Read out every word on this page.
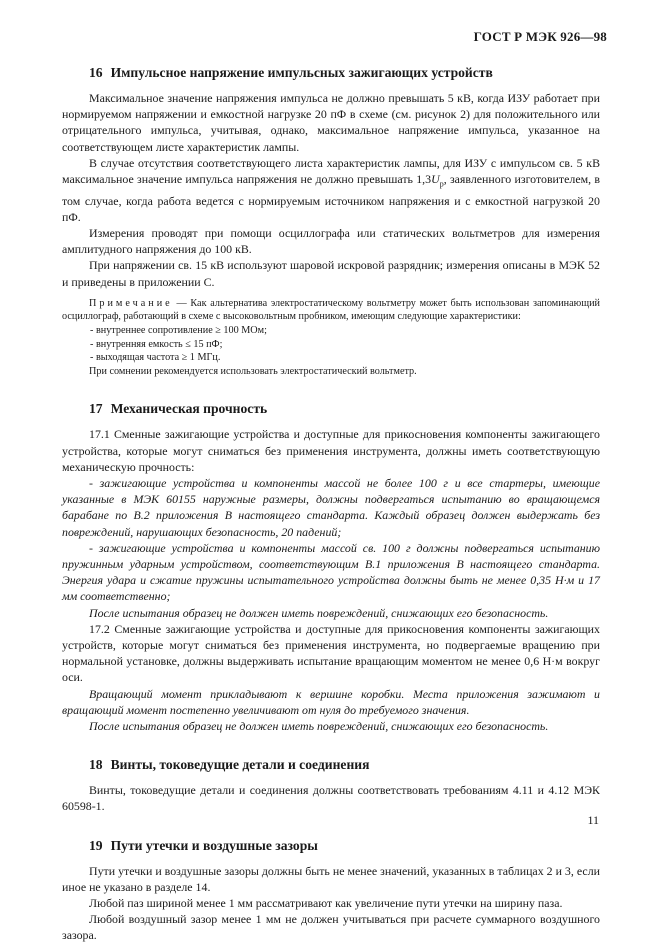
ГОСТ Р МЭК 926—98
16 Импульсное напряжение импульсных зажигающих устройств

Максимальное значение напряжения импульса не должно превышать 5 кВ, когда ИЗУ работает при нормируемом напряжении и емкостной нагрузке 20 пФ в схеме (см. рисунок 2) для положительного или отрицательного импульса, учитывая, однако, максимальное напряжение импульса, указанное на соответствующем листе характеристик лампы.

В случае отсутствия соответствующего листа характеристик лампы, для ИЗУ с импульсом св. 5 кВ максимальное значение импульса напряжения не должно превышать $1,3U_p$, заявленного изготовителем, в том случае, когда работа ведется с нормируемым источником напряжения и с емкостной нагрузкой 20 пФ.

Измерения проводят при помощи осциллографа или статических вольтметров для измерения амплитудного напряжения до 100 кВ.

При напряжении св. 15 кВ используют шаровой искровой разрядник; измерения описаны в МЭК 52 и приведены в приложении С.

Примечание — Как альтернатива электростатическому вольтметру может быть использован запоминающий осциллограф, работающий в схеме с высоковольтным пробником, имеющим следующие характеристики:

- внутреннее сопротивление ≥ 100 МОм;
- внутренняя емкость ≤ 15 пФ;
- выходящая частота ≥ 1 МГц.

При сомнении рекомендуется использовать электростатический вольтметр.

17 Механическая прочность

17.1 Сменные зажигающие устройства и доступные для прикосновения компоненты зажигающего устройства, которые могут сниматься без применения инструмента, должны иметь соответствующую механическую прочность:

- зажигающие устройства и компоненты массой не более 100 г и все стартеры, имеющие указанные в МЭК 60155 наружные размеры, должны подвергаться испытанию во вращающемся барабане по В.2 приложения В настоящего стандарта. Каждый образец должен выдержать без повреждений, нарушающих безопасность, 20 падений;

- зажигающие устройства и компоненты массой св. 100 г должны подвергаться испытанию пружинным ударным устройством, соответствующим В.1 приложения В настоящего стандарта. Энергия удара и сжатие пружины испытательного устройства должны быть не менее 0,35 Н·м и 17 мм соответственно;

После испытания образец не должен иметь повреждений, снижающих его безопасность.

17.2 Сменные зажигающие устройства и доступные для прикосновения компоненты зажигающих устройств, которые могут сниматься без применения инструмента, но подвергаемые вращению при нормальной установке, должны выдерживать испытание вращающим моментом не менее 0,6 Н·м вокруг оси.

Вращающий момент прикладывают к вершине коробки. Места приложения зажимают и вращающий момент постепенно увеличивают от нуля до требуемого значения.

После испытания образец не должен иметь повреждений, снижающих его безопасность.

18 Винты, токоведущие детали и соединения

Винты, токоведущие детали и соединения должны соответствовать требованиям 4.11 и 4.12 МЭК 60598-1.

19 Пути утечки и воздушные зазоры

Пути утечки и воздушные зазоры должны быть не менее значений, указанных в таблицах 2 и 3, если иное не указано в разделе 14.

Любой паз шириной менее 1 мм рассматривают как увеличение пути утечки на ширину паза.

Любой воздушный зазор менее 1 мм не должен учитываться при расчете суммарного воздушного зазора.

11
